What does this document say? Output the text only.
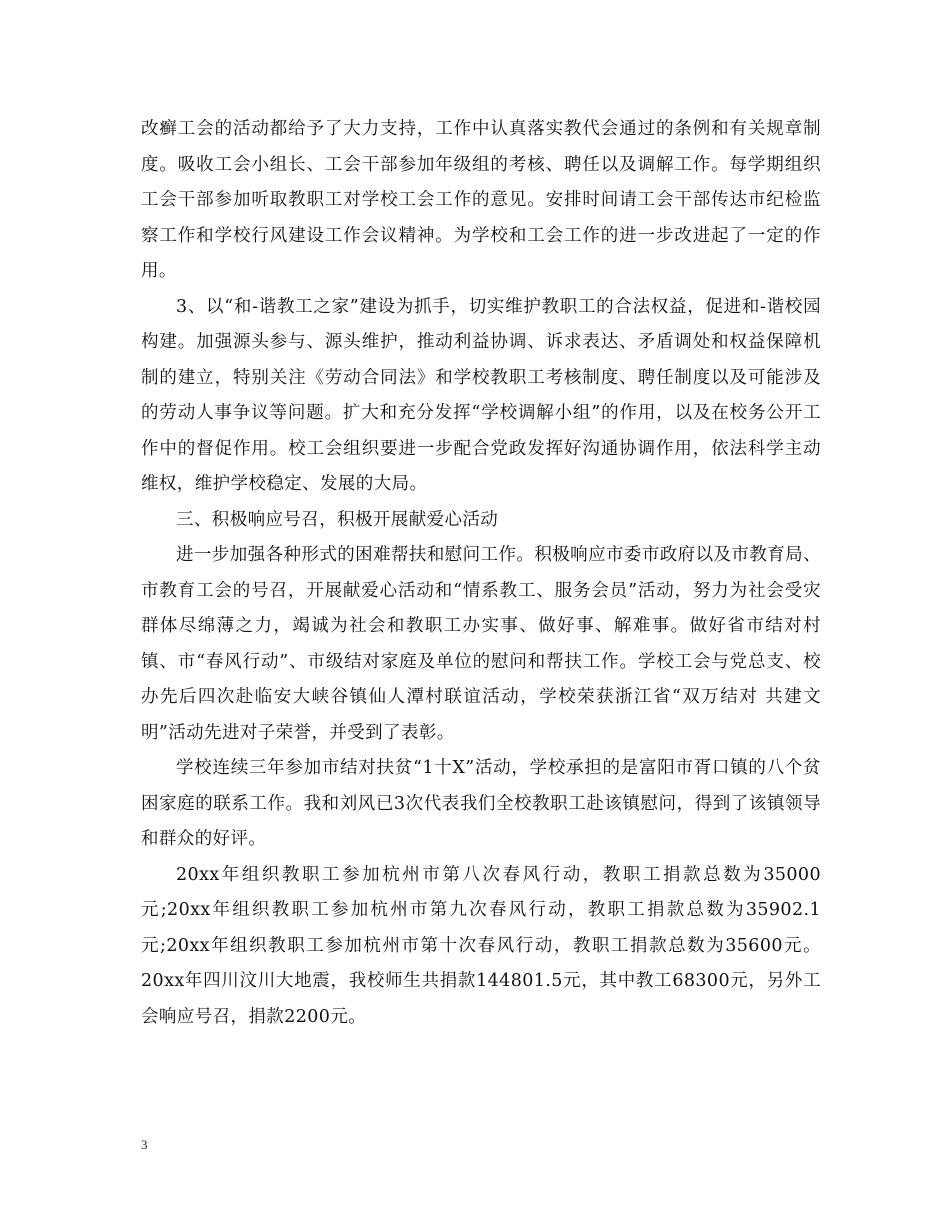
改癣工会的活动都给予了大力支持，工作中认真落实教代会通过的条例和有关规章制度。吸收工会小组长、工会干部参加年级组的考核、聘任以及调解工作。每学期组织工会干部参加听取教职工对学校工会工作的意见。安排时间请工会干部传达市纪检监察工作和学校行风建设工作会议精神。为学校和工会工作的进一步改进起了一定的作用。

3、以“和-谐教工之家”建设为抓手，切实维护教职工的合法权益，促进和-谐校园构建。加强源头参与、源头维护，推动利益协调、诉求表达、矛盾调处和权益保障机制的建立，特别关注《劳动合同法》和学校教职工考核制度、聘任制度以及可能涉及的劳动人事争议等问题。扩大和充分发挥“学校调解小组”的作用，以及在校务公开工作中的督促作用。校工会组织要进一步配合党政发挥好沟通协调作用，依法科学主动维权，维护学校稳定、发展的大局。

三、积极响应号召，积极开展献爱心活动

进一步加强各种形式的困难帮扶和慰问工作。积极响应市委市政府以及市教育局、市教育工会的号召，开展献爱心活动和“情系教工、服务会员”活动，努力为社会受灾群体尽绵薄之力，竭诚为社会和教职工办实事、做好事、解难事。做好省市结对村镇、市“春风行动”、市级结对家庭及单位的慰问和帮扶工作。学校工会与党总支、校办先后四次赴临安大峡谷镇仙人潭村联谊活动，学校荣获浙江省“双万结对 共建文明”活动先进对子荣誉，并受到了表彰。

学校连续三年参加市结对扶贫“1十X”活动，学校承担的是富阳市胥口镇的八个贫困家庭的联系工作。我和刘风已3次代表我们全校教职工赴该镇慰问，得到了该镇领导和群众的好评。

20xx年组织教职工参加杭州市第八次春风行动，教职工捐款总数为35000元;20xx年组织教职工参加杭州市第九次春风行动，教职工捐款总数为35902.1元;20xx年组织教职工参加杭州市第十次春风行动，教职工捐款总数为35600元。20xx年四川汶川大地震，我校师生共捐款144801.5元，其中教工68300元，另外工会响应号召，捐款2200元。

3
